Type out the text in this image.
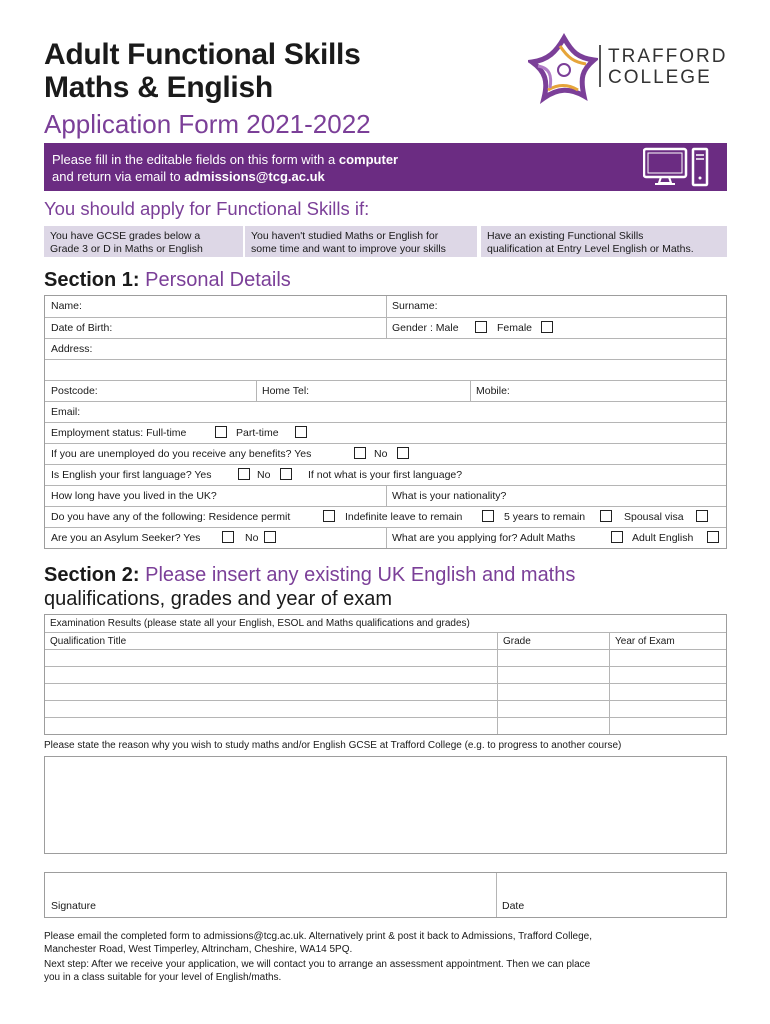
Adult Functional Skills
Maths & English
Application Form 2021-2022
TRAFFORD
COLLEGE
Please fill in the editable fields on this form with a computer
and return via email to admissions@tcg.ac.uk
You should apply for Functional Skills if:
You have GCSE grades below a
Grade 3 or D in Maths or English
You haven't studied Maths or English for
some time and want to improve your skills
Have an existing Functional Skills
qualification at Entry Level English or Maths.
Section 1: Personal Details
Name:	Surname:
Date of Birth:	Gender : Male	Female
Address:
Postcode:	Home Tel:	Mobile:
Email:
Employment status: Full-time	Part-time
If you are unemployed do you receive any benefits? Yes	No
Is English your first language? Yes	No	If not what is your first language?
How long have you lived in the UK?	What is your nationality?
Do you have any of the following: Residence permit	Indefinite leave to remain	5 years to remain	Spousal visa
Are you an Asylum Seeker? Yes	No	What are you applying for? Adult Maths	Adult English
Section 2: Please insert any existing UK English and maths
qualifications, grades and year of exam
Examination Results (please state all your English, ESOL and Maths qualifications and grades)
Qualification Title	Grade	Year of Exam
Please state the reason why you wish to study maths and/or English GCSE at Trafford College (e.g. to progress to another course)
Signature	Date
Please email the completed form to admissions@tcg.ac.uk. Alternatively print & post it back to Admissions, Trafford College,
Manchester Road, West Timperley, Altrincham, Cheshire, WA14 5PQ.
Next step: After we receive your application, we will contact you to arrange an assessment appointment. Then we can place
you in a class suitable for your level of English/maths.
